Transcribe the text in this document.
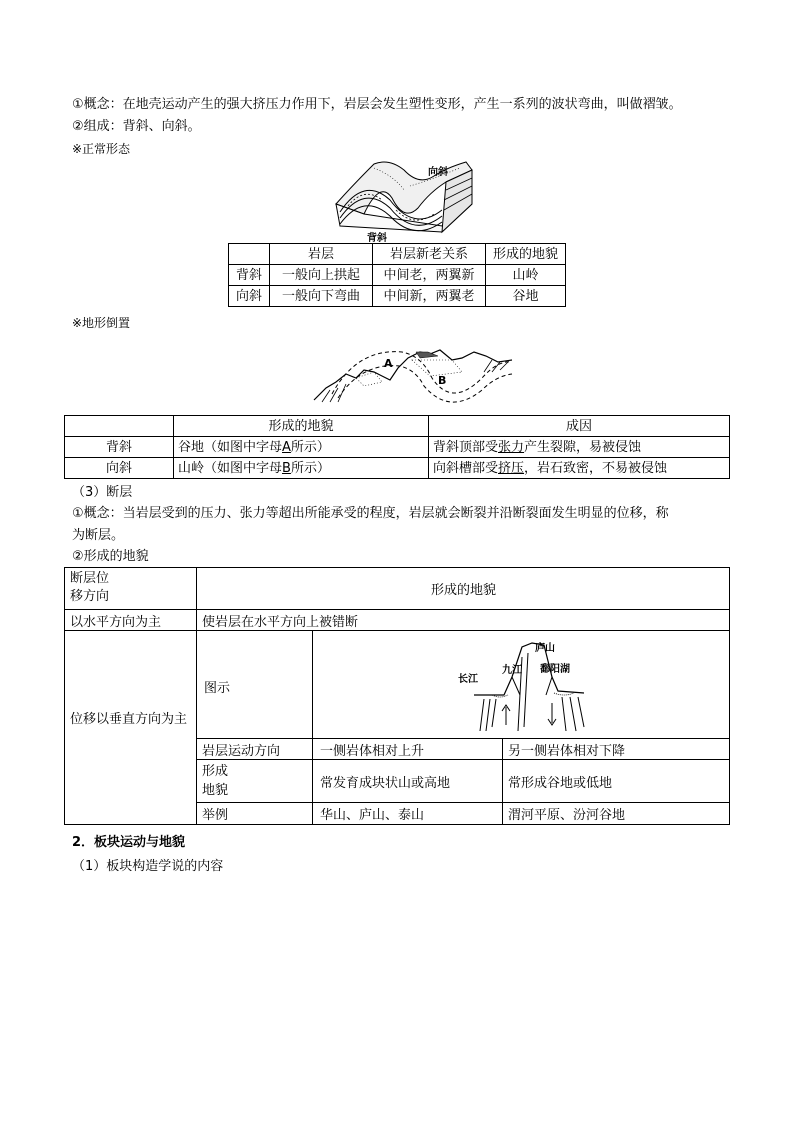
①概念：在地壳运动产生的强大挤压力作用下，岩层会发生塑性变形，产生一系列的波状弯曲，叫做褶皱。
②组成：背斜、向斜。
※正常形态
向斜
背斜
	岩层	岩层新老关系	形成的地貌
背斜	一般向上拱起	中间老，两翼新	山岭
向斜	一般向下弯曲	中间新，两翼老	谷地
※地形倒置
A
B
	形成的地貌	成因
背斜	谷地（如图中字母A所示）	背斜顶部受张力产生裂隙，易被侵蚀
向斜	山岭（如图中字母B所示）	向斜槽部受挤压，岩石致密，不易被侵蚀
（3）断层
①概念：当岩层受到的压力、张力等超出所能承受的程度，岩层就会断裂并沿断裂面发生明显的位移，称
为断层。
②形成的地貌
断层位
移方向	形成的地貌
以水平方向为主	使岩层在水平方向上被错断
位移以垂直方向为主
图示
庐山
九江
长江
鄱阳湖
岩层运动方向	一侧岩体相对上升	另一侧岩体相对下降
形成
地貌	常发育成块状山或高地	常形成谷地或低地
举例	华山、庐山、泰山	渭河平原、汾河谷地
2．板块运动与地貌
（1）板块构造学说的内容
